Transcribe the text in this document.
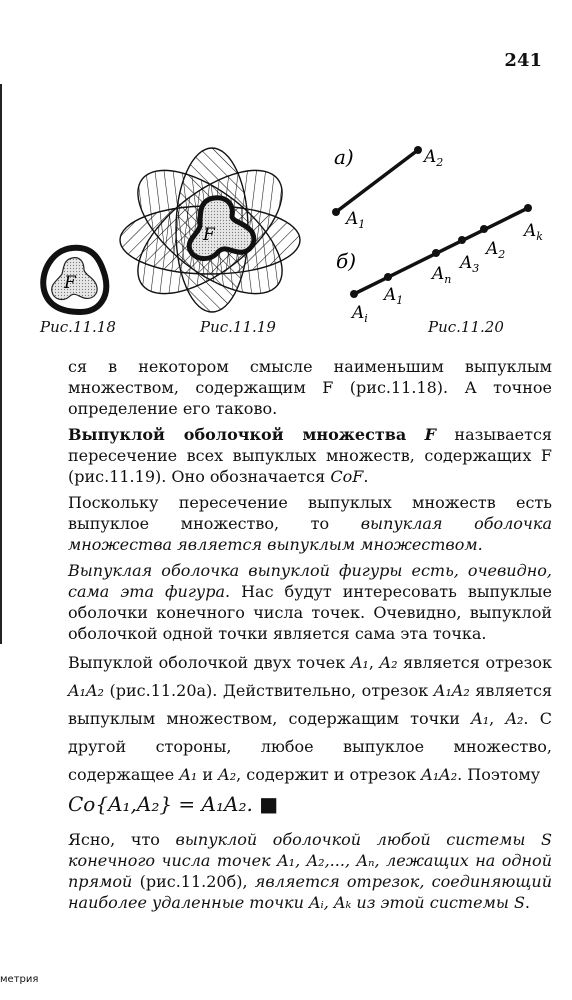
241
F
F
а)
$A_1$
$A_2$
б)
$A_i$
$A_1$
$A_n$
$A_3$
$A_2$
$A_k$
Рис.11.18	Рис.11.19	Рис.11.20

ся в некотором смысле наименьшим выпуклым множеством, содержащим F (рис.11.18). А точное определение его таково.

Выпуклой оболочкой множества F называется пересечение всех выпуклых множеств, содержащих F (рис.11.19). Оно обозначается CoF.

Поскольку пересечение выпуклых множеств есть выпуклое множество, то выпуклая оболочка множества является выпуклым множеством.

Выпуклая оболочка выпуклой фигуры есть, очевидно, сама эта фигура. Нас будут интересовать выпуклые оболочки конечного числа точек. Очевидно, выпуклой оболочкой одной точки является сама эта точка.

Выпуклой оболочкой двух точек A₁, A₂ является отрезок A₁A₂ (рис.11.20а). Действительно, отрезок A₁A₂ является выпуклым множеством, содержащим точки A₁, A₂. С другой стороны, любое выпуклое множество, содержащее A₁ и A₂, содержит и отрезок A₁A₂. Поэтому

Co{A₁,A₂} = A₁A₂. ■

Ясно, что выпуклой оболочкой любой системы S конечного числа точек A₁, A₂,..., Aₙ, лежащих на одной прямой (рис.11.20б), является отрезок, соединяющий наиболее удаленные точки Aᵢ, Aₖ из этой системы S.

метрия
